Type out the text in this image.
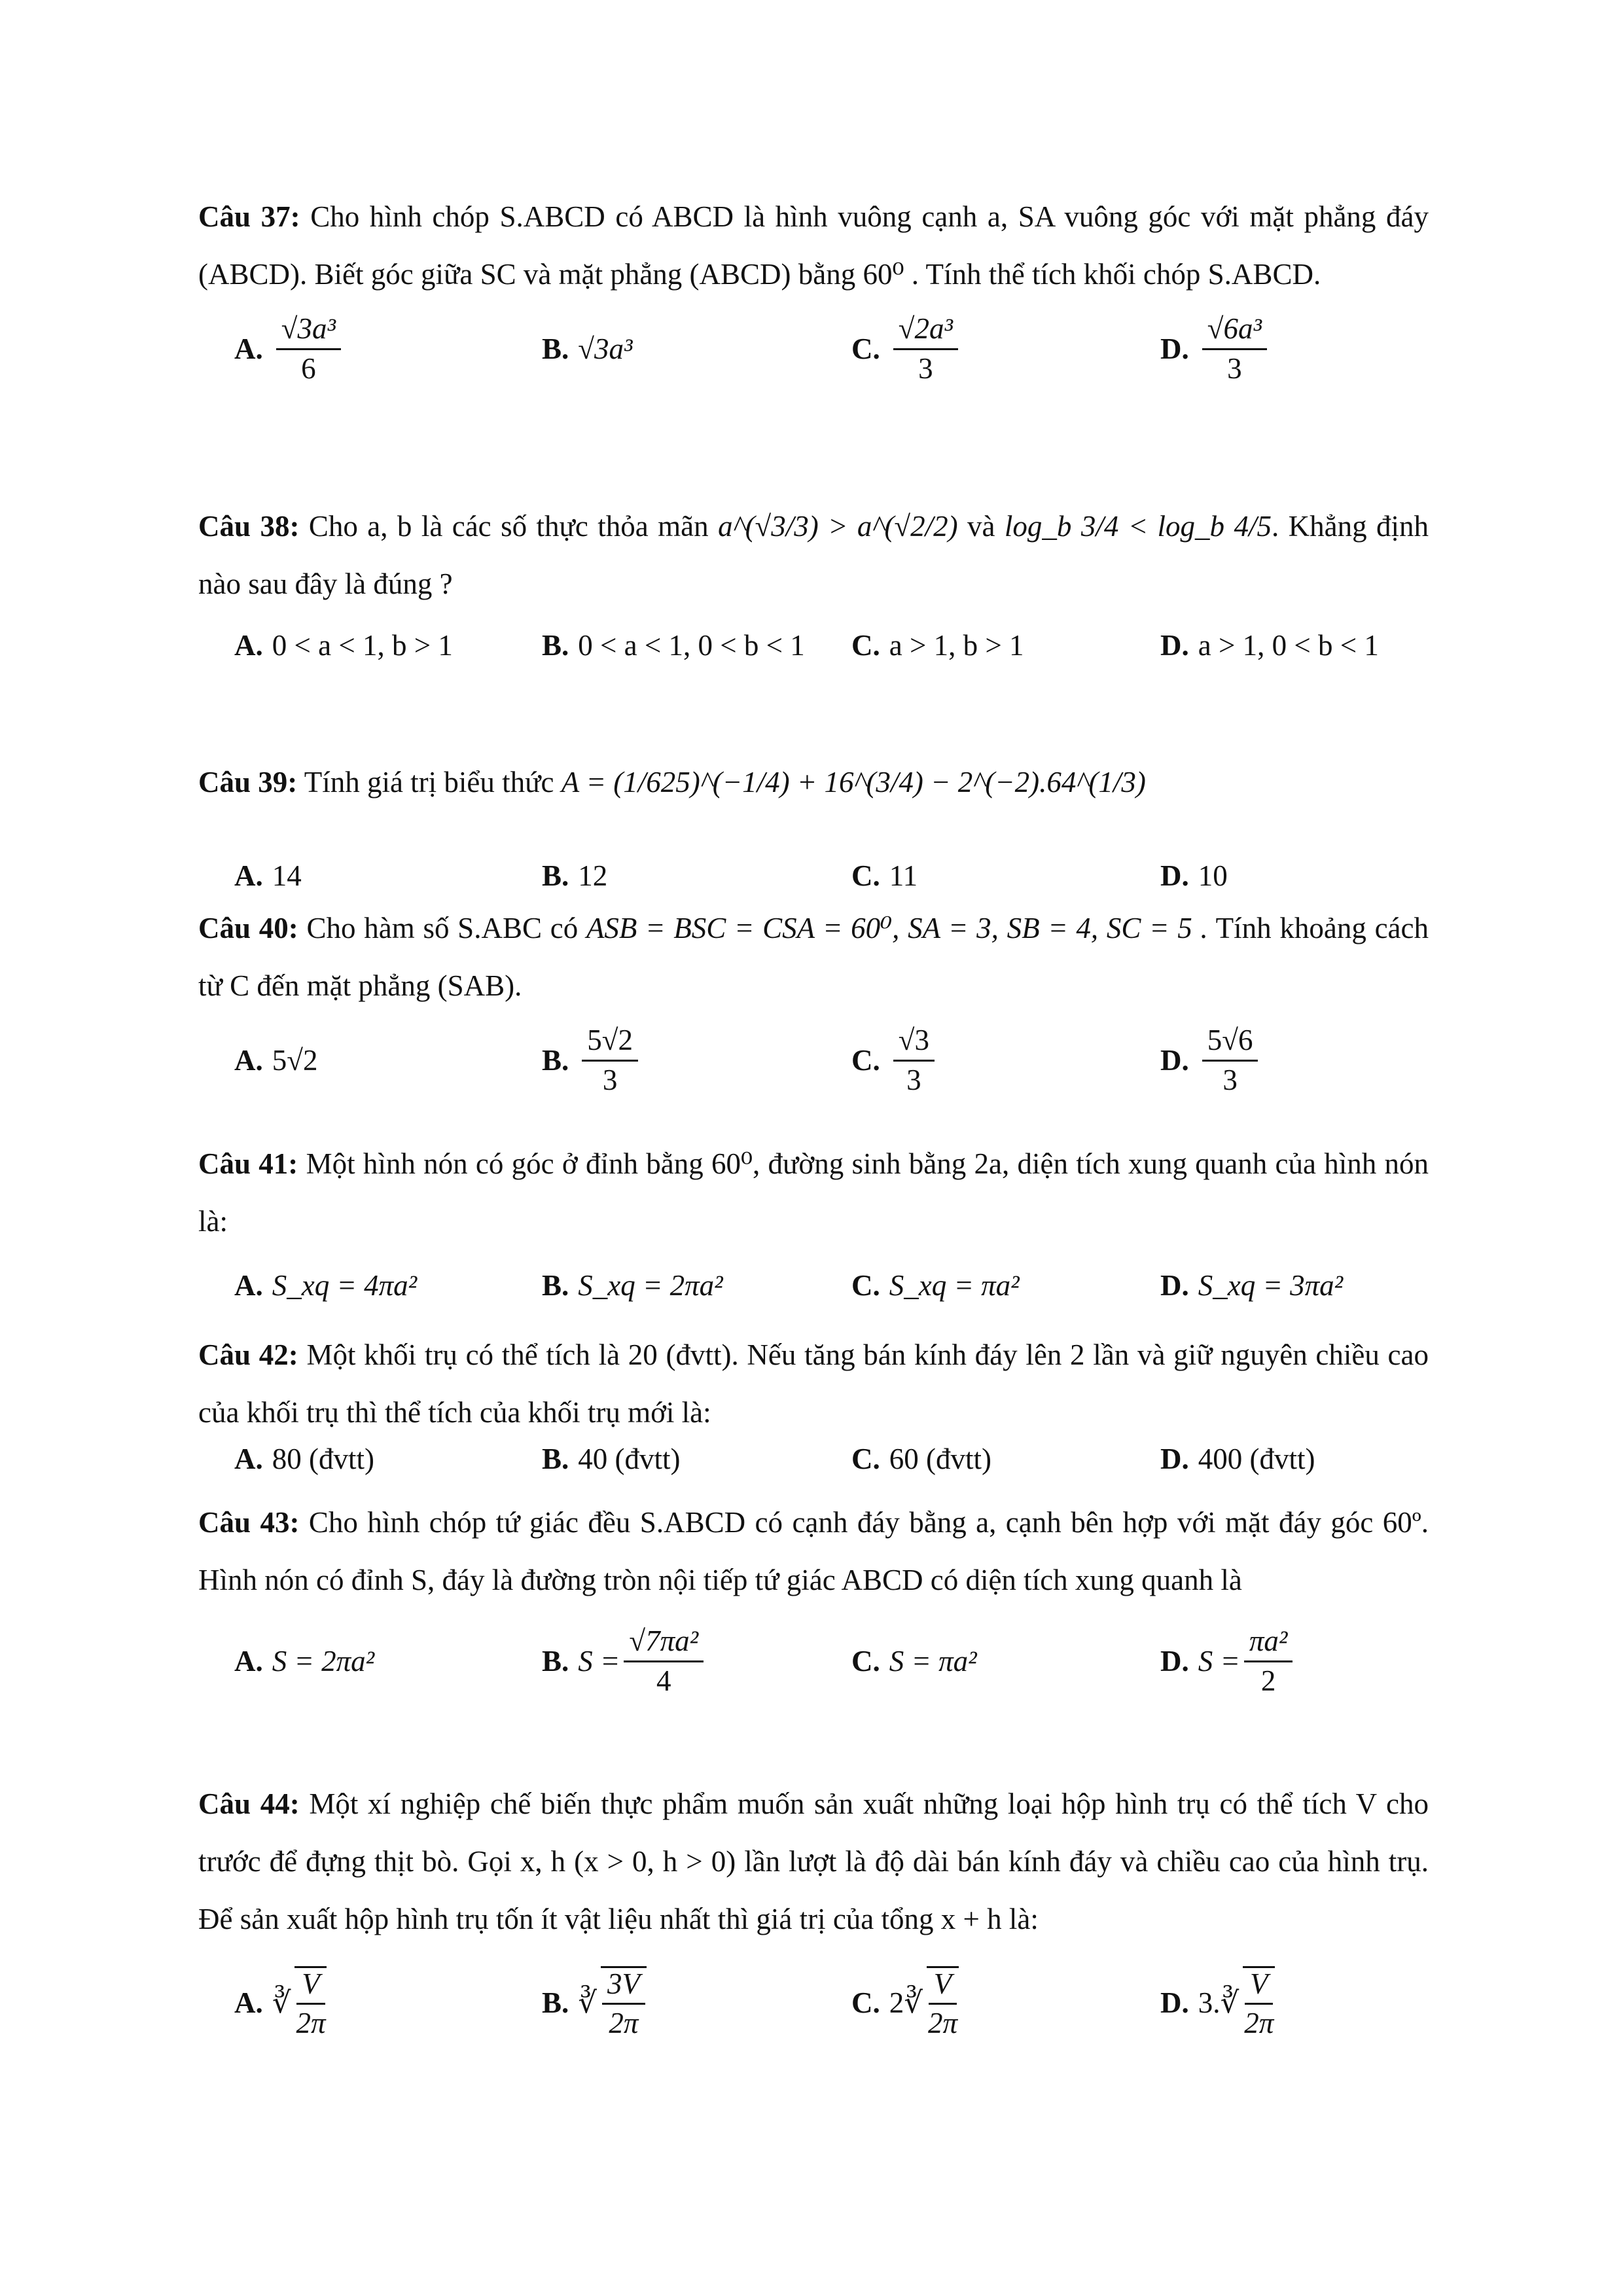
Câu 37: Cho hình chóp S.ABCD có ABCD là hình vuông cạnh a, SA vuông góc với mặt phẳng đáy (ABCD). Biết góc giữa SC và mặt phẳng (ABCD) bằng 60⁰ . Tính thể tích khối chóp S.ABCD.
A. $\frac{\text{√3a³}}{6}$	B. √3a³	C. $\frac{\text{√2a³}}{3}$	D. $\frac{\text{√6a³}}{3}$
Câu 38: Cho a, b là các số thực thỏa mãn a^(√3/3) > a^(√2/2) và log_b 3/4 < log_b 4/5. Khẳng định nào sau đây là đúng ?
A. 0 < a < 1, b > 1	B. 0 < a < 1, 0 < b < 1 C. a > 1, b > 1	D. a > 1, 0 < b < 1
Câu 39: Tính giá trị biểu thức A = (1/625)^(−1/4) + 16^(3/4) − 2^(−2).64^(1/3)
A. 14	B. 12	C. 11	D. 10
Câu 40: Cho hàm số S.ABC có ASB = BSC = CSA = 60⁰, SA = 3, SB = 4, SC = 5 . Tính khoảng cách từ C đến mặt phẳng (SAB).
A. 5√2	B. $\frac{5√2}{3}$	C. $\frac{√3}{3}$	D. $\frac{5√6}{3}$
Câu 41: Một hình nón có góc ở đỉnh bằng 60⁰, đường sinh bằng 2a, diện tích xung quanh của hình nón là:
A. S_xq = 4πa²	B. S_xq = 2πa²	C. S_xq = πa²	D. S_xq = 3πa²
Câu 42: Một khối trụ có thể tích là 20 (đvtt). Nếu tăng bán kính đáy lên 2 lần và giữ nguyên chiều cao của khối trụ thì thể tích của khối trụ mới là:
A. 80 (đvtt)	B. 40 (đvtt)	C. 60 (đvtt)	D. 400 (đvtt)
Câu 43: Cho hình chóp tứ giác đều S.ABCD có cạnh đáy bằng a, cạnh bên hợp với mặt đáy góc 60º. Hình nón có đỉnh S, đáy là đường tròn nội tiếp tứ giác ABCD có diện tích xung quanh là
A. S = 2πa²	B. $S = \frac{\text{√7πa²}}{4}$	C. S = πa²	D. $S = \frac{\text{πa²}}{2}$
Câu 44: Một xí nghiệp chế biến thực phẩm muốn sản xuất những loại hộp hình trụ có thể tích V cho trước để đựng thịt bò. Gọi x, h (x > 0, h > 0) lần lượt là độ dài bán kính đáy và chiều cao của hình trụ. Để sản xuất hộp hình trụ tốn ít vật liệu nhất thì giá trị của tổng x + h là:
A. ∛ $\frac{V}{2\pi}$	B. ∛ $\frac{3V}{2\pi}$	C. 2 ∛ $\frac{V}{2\pi}$	D. 3. ∛ $\frac{V}{2\pi}$
